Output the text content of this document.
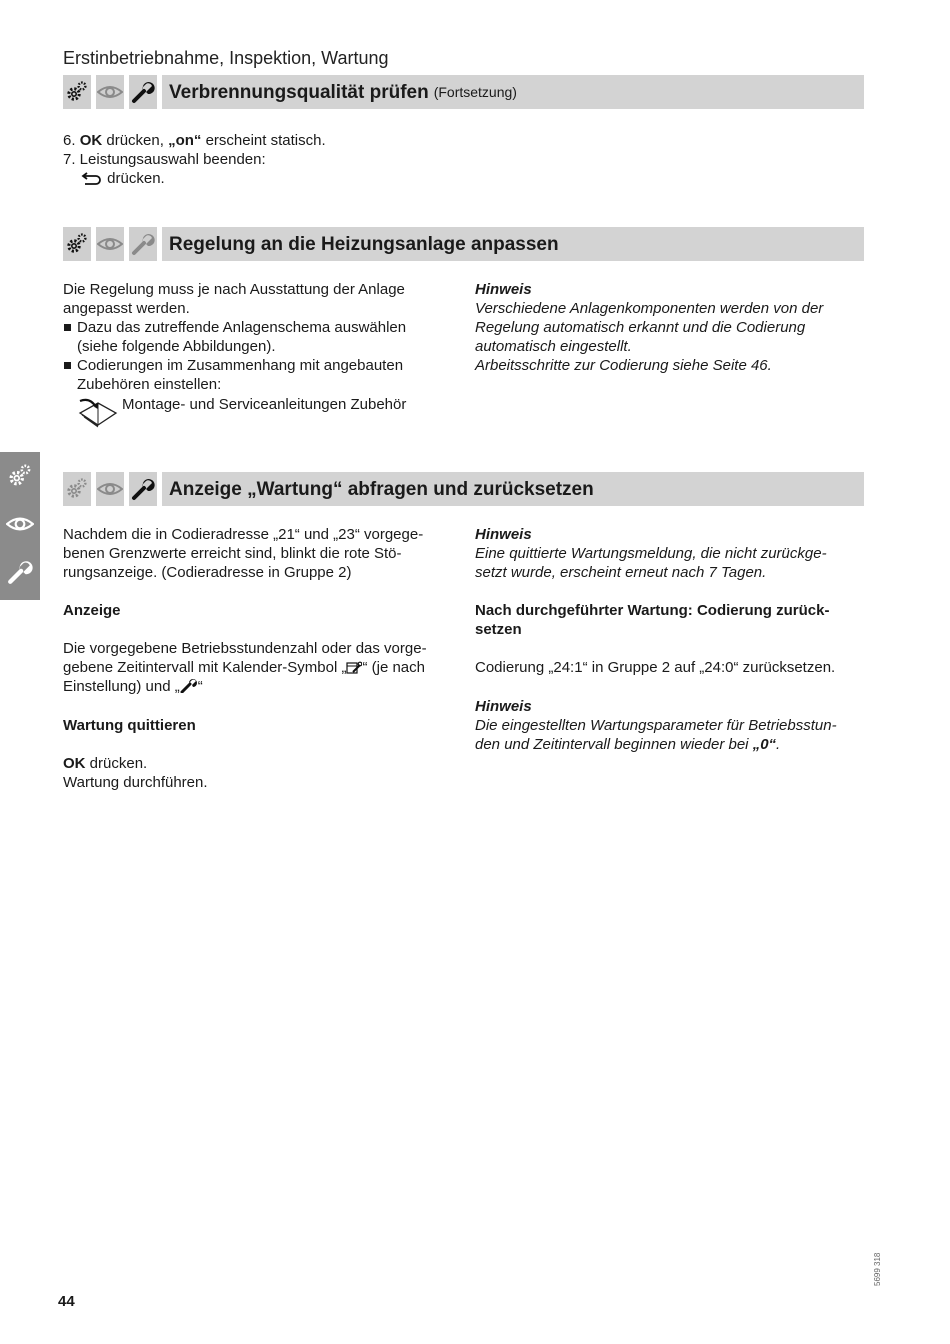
Erstinbetriebnahme, Inspektion, Wartung
Verbrennungsqualität prüfen (Fortsetzung)
6. OK drücken, „on“ erscheint statisch.
7. Leistungsauswahl beenden:
drücken.
Regelung an die Heizungsanlage anpassen
Die Regelung muss je nach Ausstattung der Anlage
angepasst werden.
Dazu das zutreffende Anlagenschema auswählen
(siehe folgende Abbildungen).
Codierungen im Zusammenhang mit angebauten
Zubehören einstellen:
Montage- und Serviceanleitungen Zubehör
Hinweis
Verschiedene Anlagenkomponenten werden von der
Regelung automatisch erkannt und die Codierung
automatisch eingestellt.
Arbeitsschritte zur Codierung siehe Seite 46.
Anzeige „Wartung“ abfragen und zurücksetzen
Nachdem die in Codieradresse „21“ und „23“ vorgege-
benen Grenzwerte erreicht sind, blinkt die rote Stö-
rungsanzeige. (Codieradresse in Gruppe 2)
Anzeige
Die vorgegebene Betriebsstundenzahl oder das vorge-
gebene Zeitintervall mit Kalender-Symbol „ “ (je nach
Einstellung) und „ “
Wartung quittieren
OK drücken.
Wartung durchführen.
Hinweis
Eine quittierte Wartungsmeldung, die nicht zurückge-
setzt wurde, erscheint erneut nach 7 Tagen.
Nach durchgeführter Wartung: Codierung zurück-
setzen
Codierung „24:1“ in Gruppe 2 auf „24:0“ zurücksetzen.
Hinweis
Die eingestellten Wartungsparameter für Betriebsstun-
den und Zeitintervall beginnen wieder bei „0“.
44
5699 318
